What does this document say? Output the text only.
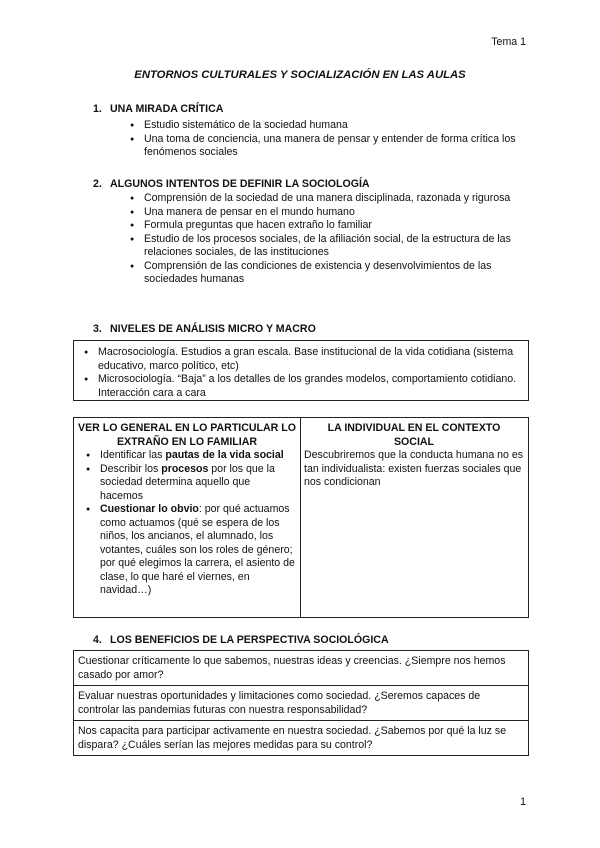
Tema 1
ENTORNOS CULTURALES Y SOCIALIZACIÓN EN LAS AULAS
1. UNA MIRADA CRÍTICA
● Estudio sistemático de la sociedad humana
● Una toma de conciencia, una manera de pensar y entender de forma crítica los fenómenos sociales
2. ALGUNOS INTENTOS DE DEFINIR LA SOCIOLOGÍA
● Comprensión de la sociedad de una manera disciplinada, razonada y rigurosa
● Una manera de pensar en el mundo humano
● Formula preguntas que hacen extraño lo familiar
● Estudio de los procesos sociales, de la afiliación social, de la estructura de las relaciones sociales, de las instituciones
● Comprensión de las condiciones de existencia y desenvolvimientos de las sociedades humanas
3. NIVELES DE ANÁLISIS MICRO Y MACRO
● Macrosociología. Estudios a gran escala. Base institucional de la vida cotidiana (sistema educativo, marco político, etc)
● Microsociología. “Baja” a los detalles de los grandes modelos, comportamiento cotidiano. Interacción cara a cara
VER LO GENERAL EN LO PARTICULAR LO EXTRAÑO EN LO FAMILIAR
● Identificar las pautas de la vida social
● Describir los procesos por los que la sociedad determina aquello que hacemos
● Cuestionar lo obvio: por qué actuamos como actuamos (qué se espera de los niños, los ancianos, el alumnado, los votantes, cuáles son los roles de género; por qué elegimos la carrera, el asiento de clase, lo que haré el viernes, en navidad…)
LA INDIVIDUAL EN EL CONTEXTO SOCIAL
Descubriremos que la conducta humana no es tan individualista: existen fuerzas sociales que nos condicionan
4. LOS BENEFICIOS DE LA PERSPECTIVA SOCIOLÓGICA
Cuestionar críticamente lo que sabemos, nuestras ideas y creencias. ¿Siempre nos hemos casado por amor?
Evaluar nuestras oportunidades y limitaciones como sociedad. ¿Seremos capaces de controlar las pandemias futuras con nuestra responsabilidad?
Nos capacita para participar activamente en nuestra sociedad. ¿Sabemos por qué la luz se dispara? ¿Cuáles serían las mejores medidas para su control?
1
